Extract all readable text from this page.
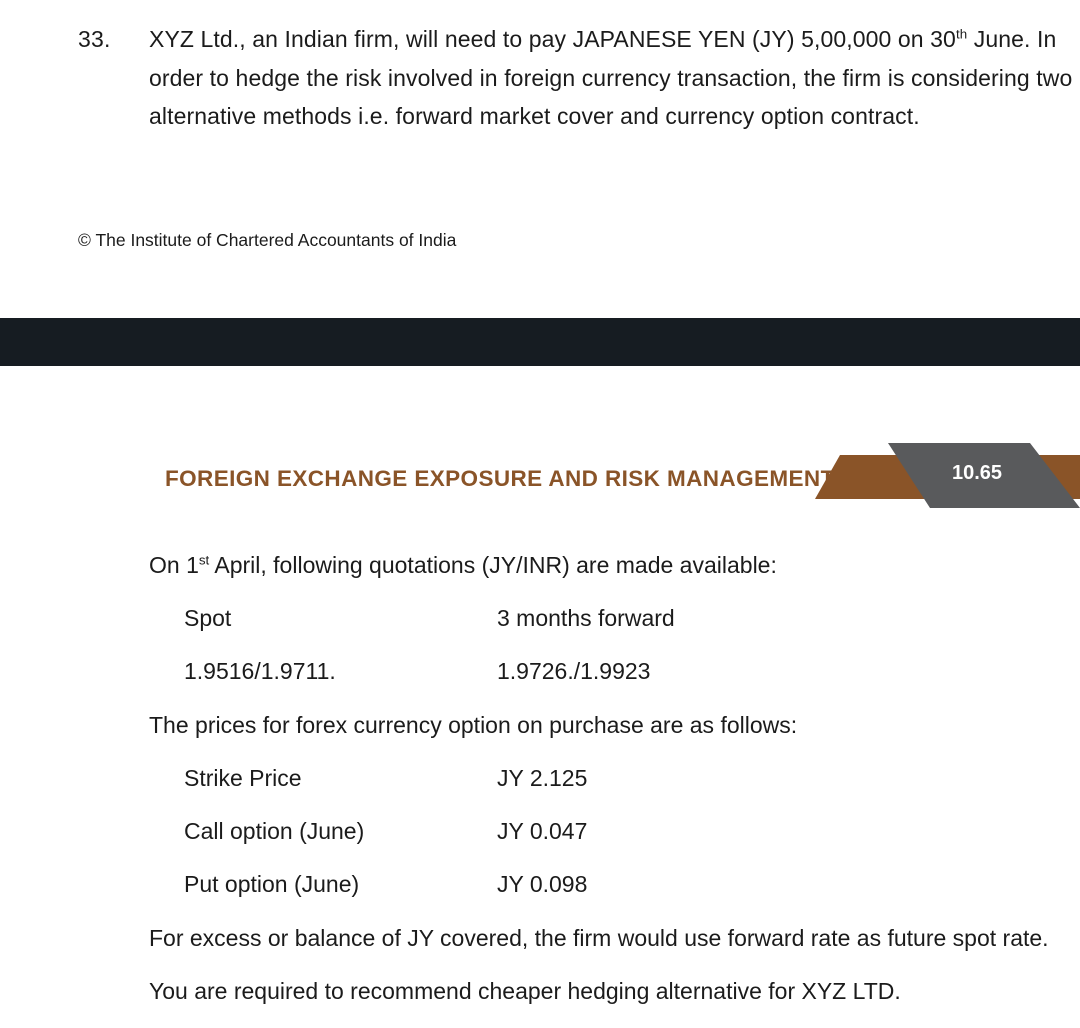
33. XYZ Ltd., an Indian firm, will need to pay JAPANESE YEN (JY) 5,00,000 on 30th June. In
order to hedge the risk involved in foreign currency transaction, the firm is considering two
alternative methods i.e. forward market cover and currency option contract.
© The Institute of Chartered Accountants of India
FOREIGN EXCHANGE EXPOSURE AND RISK MANAGEMENT	10.65
On 1st April, following quotations (JY/INR) are made available:
Spot	3 months forward
1.9516/1.9711.	1.9726./1.9923
The prices for forex currency option on purchase are as follows:
Strike Price	JY 2.125
Call option (June)	JY 0.047
Put option (June)	JY 0.098
For excess or balance of JY covered, the firm would use forward rate as future spot rate.
You are required to recommend cheaper hedging alternative for XYZ LTD.
